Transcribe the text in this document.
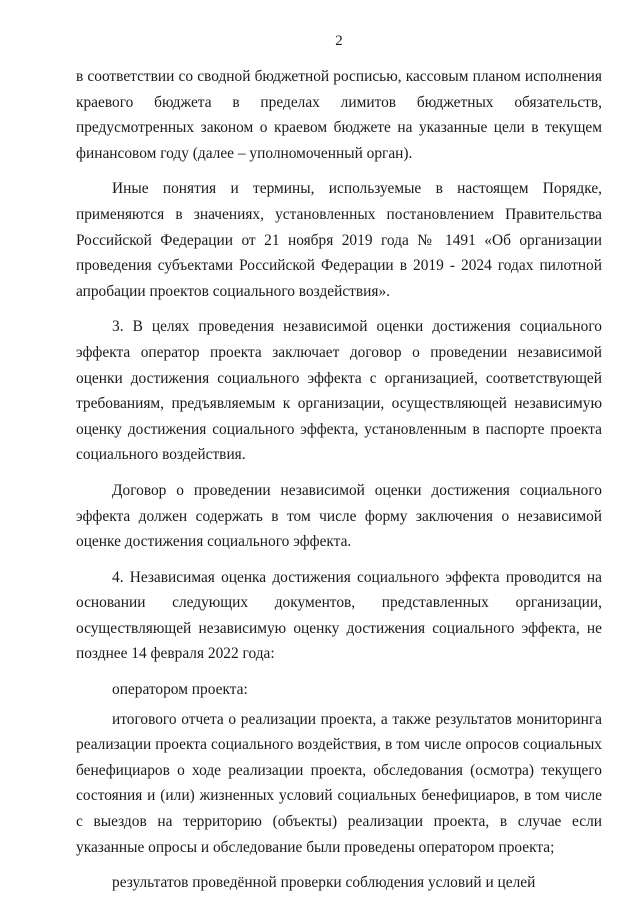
2

в соответствии со сводной бюджетной росписью, кассовым планом исполнения краевого бюджета в пределах лимитов бюджетных обязательств, предусмотренных законом о краевом бюджете на указанные цели в текущем финансовом году (далее – уполномоченный орган).

Иные понятия и термины, используемые в настоящем Порядке, применяются в значениях, установленных постановлением Правительства Российской Федерации от 21 ноября 2019 года № 1491 «Об организации проведения субъектами Российской Федерации в 2019 - 2024 годах пилотной апробации проектов социального воздействия».

3. В целях проведения независимой оценки достижения социального эффекта оператор проекта заключает договор о проведении независимой оценки достижения социального эффекта с организацией, соответствующей требованиям, предъявляемым к организации, осуществляющей независимую оценку достижения социального эффекта, установленным в паспорте проекта социального воздействия.

Договор о проведении независимой оценки достижения социального эффекта должен содержать в том числе форму заключения о независимой оценке достижения социального эффекта.

4. Независимая оценка достижения социального эффекта проводится на основании следующих документов, представленных организации, осуществляющей независимую оценку достижения социального эффекта, не позднее 14 февраля 2022 года:

оператором проекта:

итогового отчета о реализации проекта, а также результатов мониторинга реализации проекта социального воздействия, в том числе опросов социальных бенефициаров о ходе реализации проекта, обследования (осмотра) текущего состояния и (или) жизненных условий социальных бенефициаров, в том числе с выездов на территорию (объекты) реализации проекта, в случае если указанные опросы и обследование были проведены оператором проекта;

результатов проведённой проверки соблюдения условий и целей
